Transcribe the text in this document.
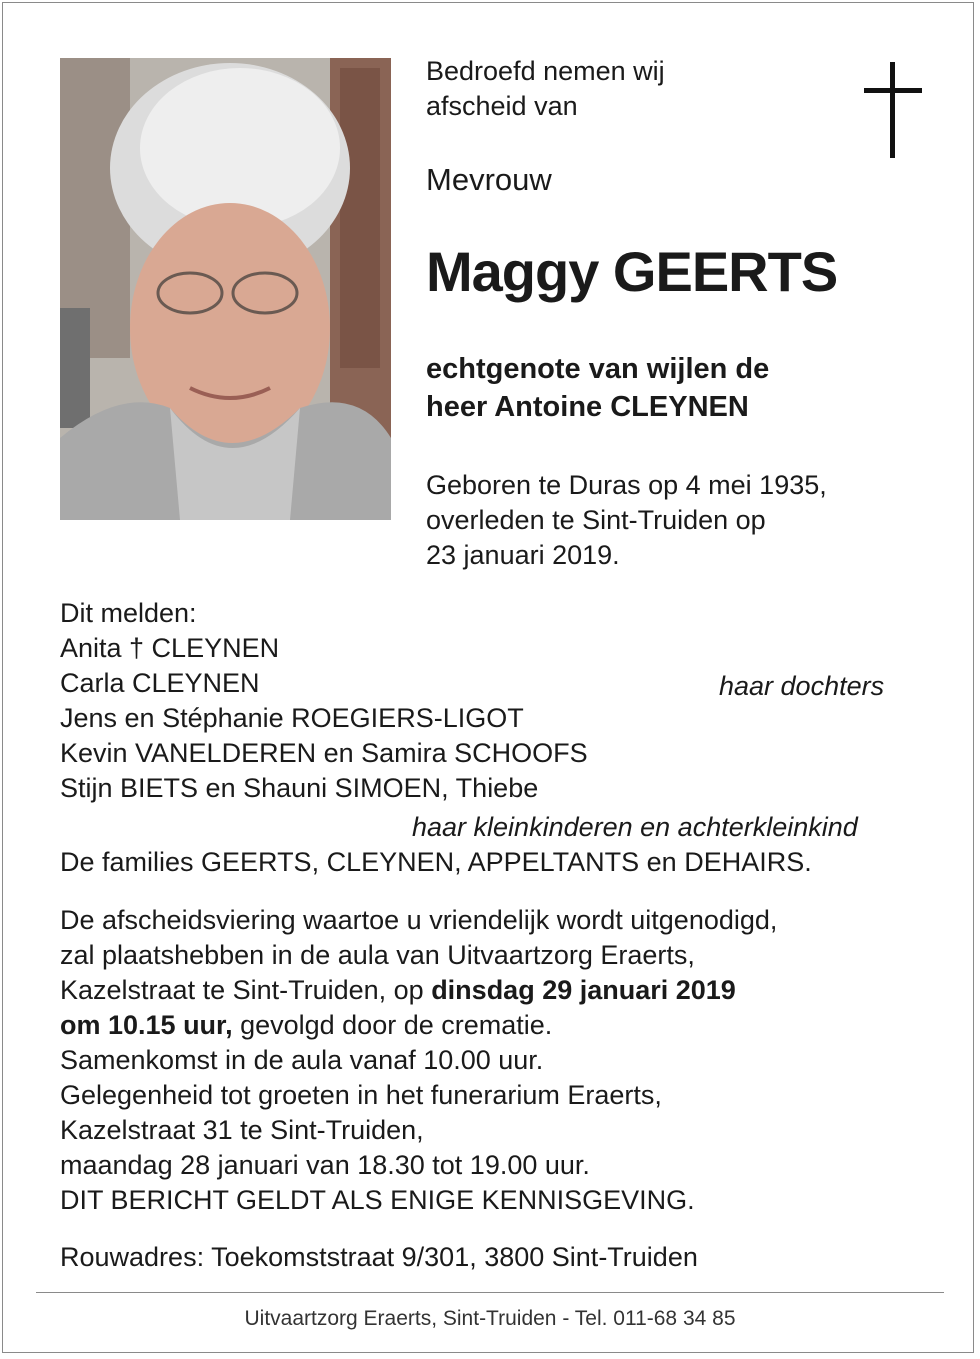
Bedroefd nemen wij
afscheid van
Mevrouw
Maggy GEERTS
echtgenote van wijlen de
heer Antoine CLEYNEN
Geboren te Duras op 4 mei 1935,
overleden te Sint-Truiden op
23 januari 2019.
Dit melden:
Anita † CLEYNEN
Carla CLEYNEN
Jens en Stéphanie ROEGIERS-LIGOT
Kevin VANELDEREN en Samira SCHOOFS
Stijn BIETS en Shauni SIMOEN, Thiebe
haar dochters
haar kleinkinderen en achterkleinkind
De families GEERTS, CLEYNEN, APPELTANTS en DEHAIRS.
De afscheidsviering waartoe u vriendelijk wordt uitgenodigd,
zal plaatshebben in de aula van Uitvaartzorg Eraerts,
Kazelstraat te Sint-Truiden, op dinsdag 29 januari 2019
om 10.15 uur, gevolgd door de crematie.
Samenkomst in de aula vanaf 10.00 uur.
Gelegenheid tot groeten in het funerarium Eraerts,
Kazelstraat 31 te Sint-Truiden,
maandag 28 januari van 18.30 tot 19.00 uur.
DIT BERICHT GELDT ALS ENIGE KENNISGEVING.
Rouwadres: Toekomststraat 9/301, 3800 Sint-Truiden
Uitvaartzorg Eraerts, Sint-Truiden - Tel. 011-68 34 85
